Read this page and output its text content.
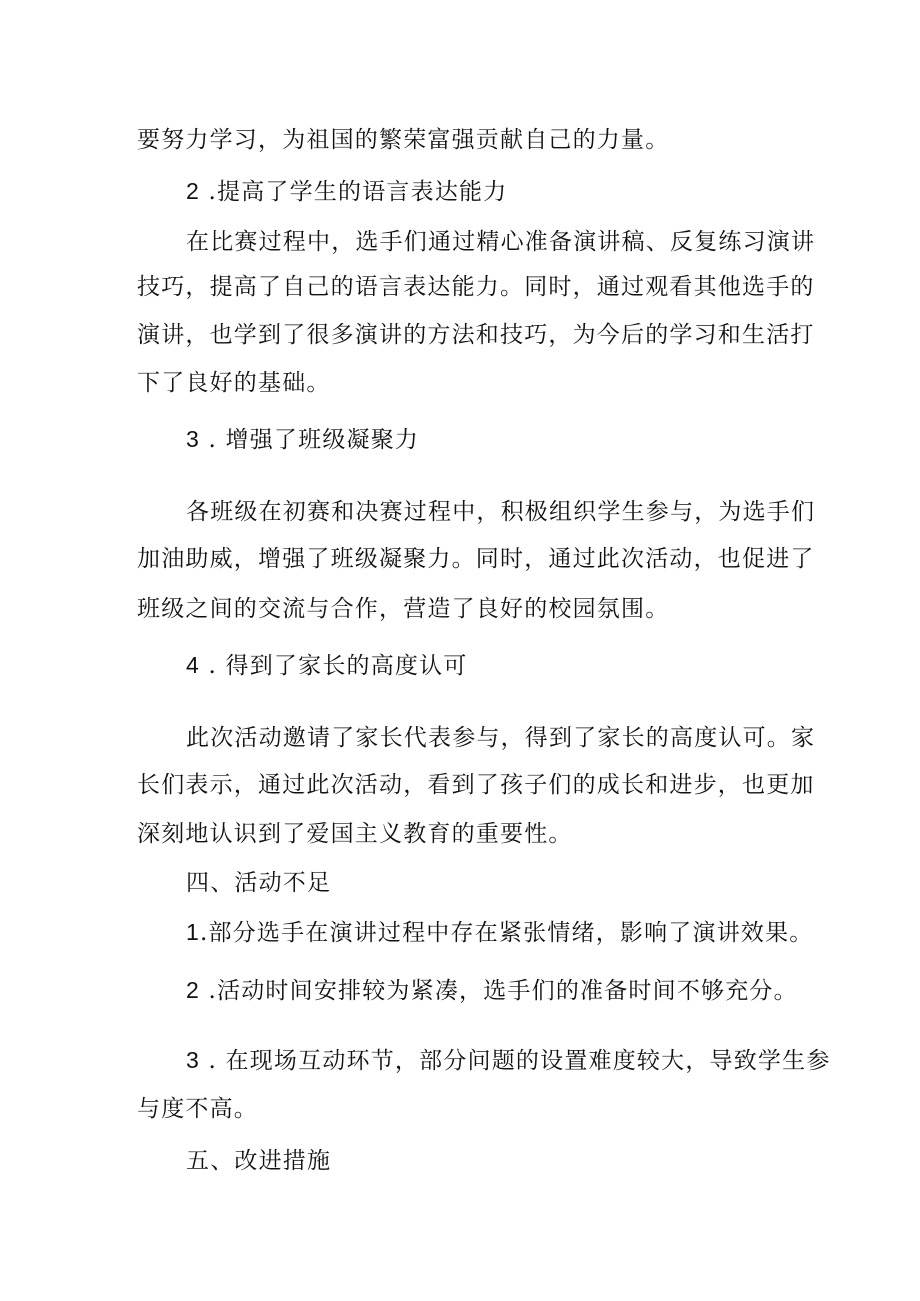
要努力学习，为祖国的繁荣富强贡献自己的力量。
2 .提高了学生的语言表达能力
在比赛过程中，选手们通过精心准备演讲稿、反复练习演讲
技巧，提高了自己的语言表达能力。同时，通过观看其他选手的
演讲，也学到了很多演讲的方法和技巧，为今后的学习和生活打
下了良好的基础。
3 . 增强了班级凝聚力
各班级在初赛和决赛过程中，积极组织学生参与，为选手们
加油助威，增强了班级凝聚力。同时，通过此次活动，也促进了
班级之间的交流与合作，营造了良好的校园氛围。
4 . 得到了家长的高度认可
此次活动邀请了家长代表参与，得到了家长的高度认可。家
长们表示，通过此次活动，看到了孩子们的成长和进步，也更加
深刻地认识到了爱国主义教育的重要性。
四、活动不足
1.部分选手在演讲过程中存在紧张情绪，影响了演讲效果。
2 .活动时间安排较为紧凑，选手们的准备时间不够充分。
3 . 在现场互动环节，部分问题的设置难度较大，导致学生参
与度不高。
五、改进措施
